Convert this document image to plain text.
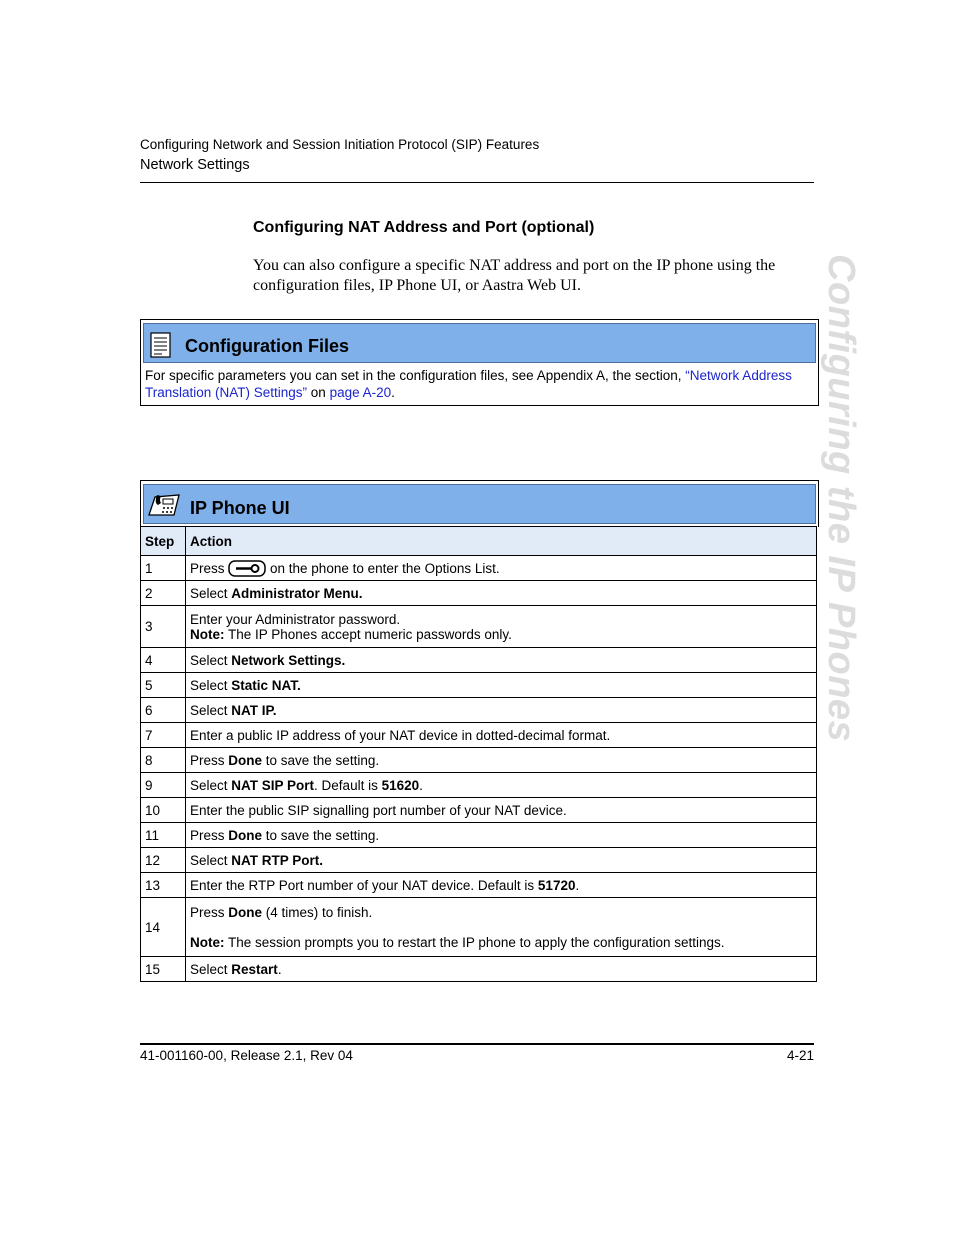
Configuring Network and Session Initiation Protocol (SIP) Features
Network Settings
Configuring the IP Phones
Configuring NAT Address and Port (optional)
You can also configure a specific NAT address and port on the IP phone using the configuration files, IP Phone UI, or Aastra Web UI.
Configuration Files
For specific parameters you can set in the configuration files, see Appendix A, the section, “Network Address Translation (NAT) Settings” on page A-20.
IP Phone UI
Step	Action
1	Press on the phone to enter the Options List.
2	Select Administrator Menu.
3	Enter your Administrator password.
Note: The IP Phones accept numeric passwords only.
4	Select Network Settings.
5	Select Static NAT.
6	Select NAT IP.
7	Enter a public IP address of your NAT device in dotted-decimal format.
8	Press Done to save the setting.
9	Select NAT SIP Port. Default is 51620.
10	Enter the public SIP signalling port number of your NAT device.
11	Press Done to save the setting.
12	Select NAT RTP Port.
13	Enter the RTP Port number of your NAT device. Default is 51720.
14	Press Done (4 times) to finish.

Note: The session prompts you to restart the IP phone to apply the configuration settings.
15	Select Restart.
41-001160-00, Release 2.1, Rev 04	4-21
